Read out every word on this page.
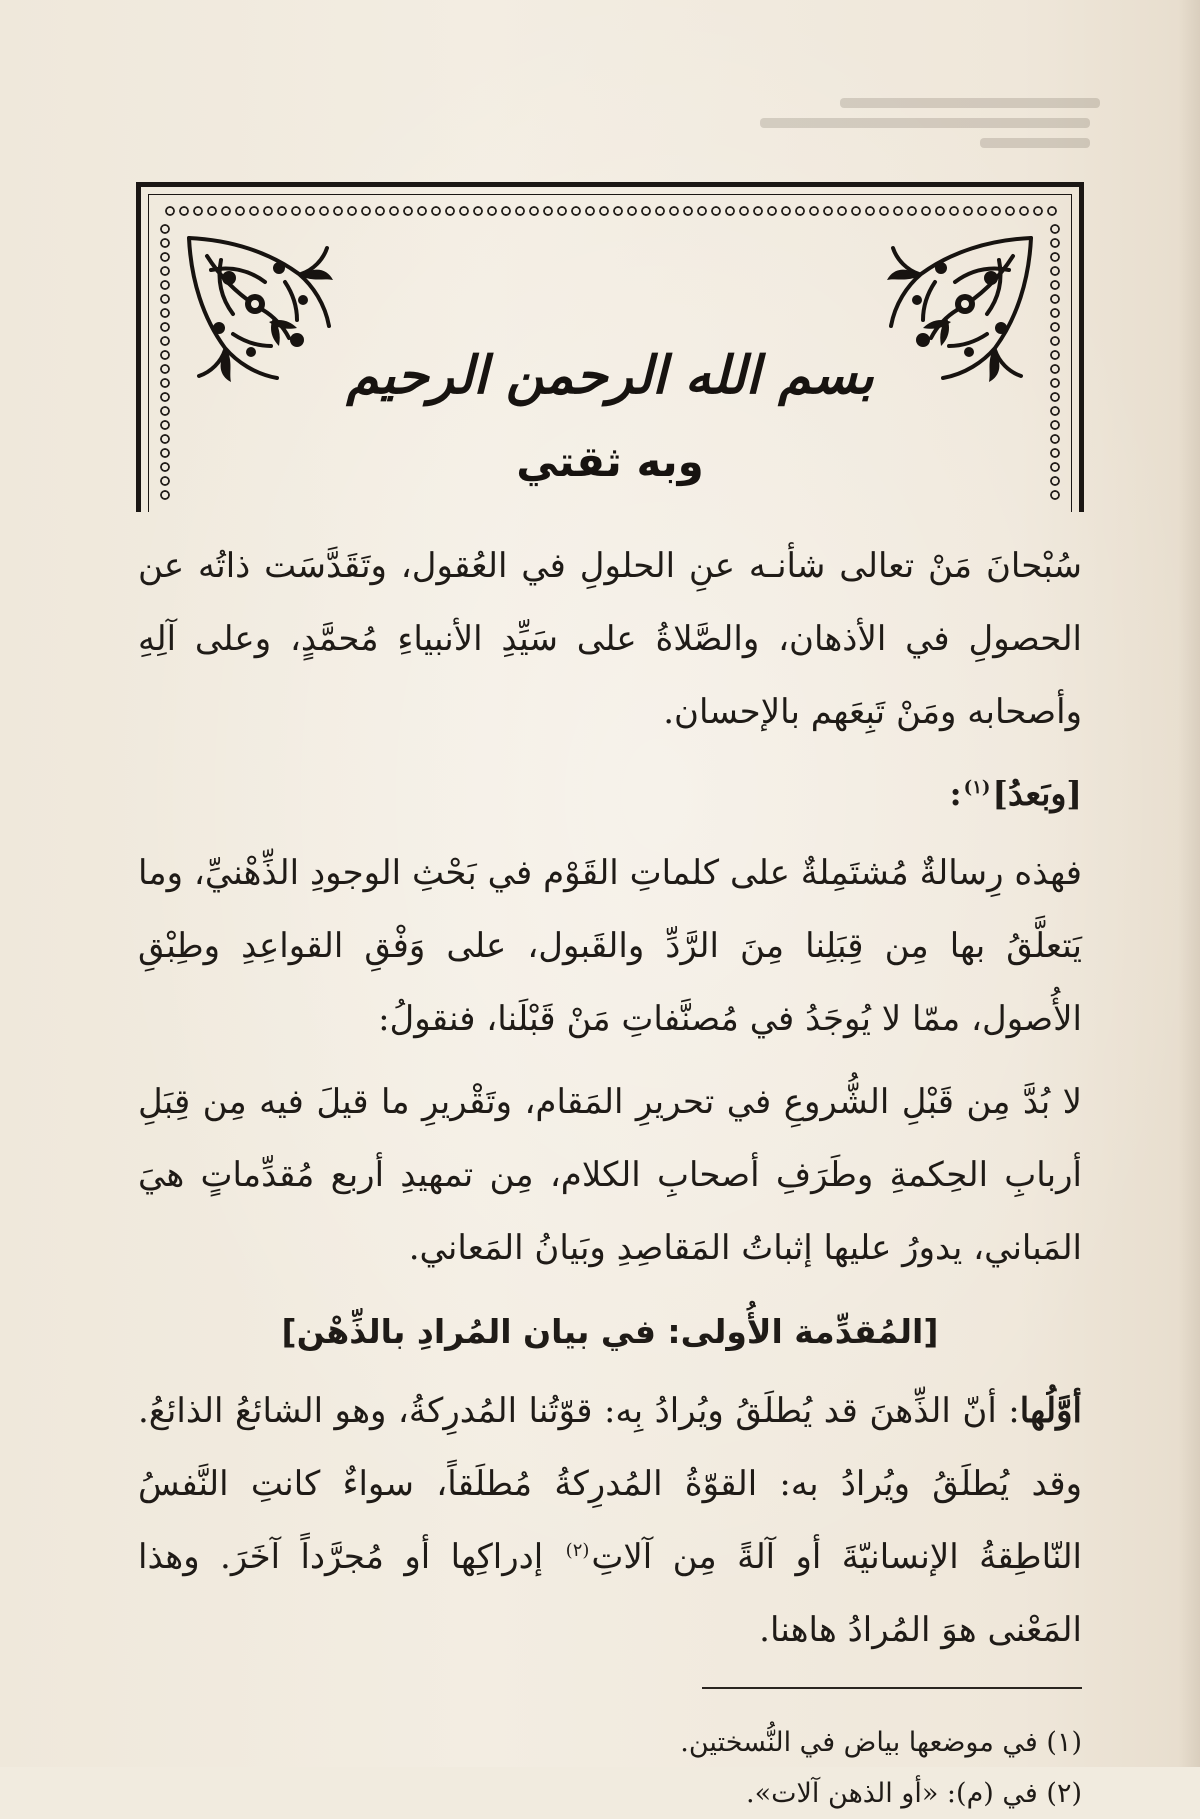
بسم الله الرحمن الرحيم
وبه ثقتي

سُبْحانَ مَنْ تعالى شأنـه عنِ الحلولِ في العُقول، وتَقَدَّسَت ذاتُه عن الحصولِ في الأذهان، والصَّلاةُ على سَيِّدِ الأنبياءِ مُحمَّدٍ، وعلى آلِهِ وأصحابه ومَنْ تَبِعَهم بالإحسان.

[وبَعدُ]$^{(١)}$:

فهذه رِسالةٌ مُشتَمِلةٌ على كلماتِ القَوْم في بَحْثِ الوجودِ الذِّهْنيِّ، وما يَتعلَّقُ بها مِن قِبَلِنا مِنَ الرَّدِّ والقَبول، على وَفْقِ القواعِدِ وطِبْقِ الأُصول، ممّا لا يُوجَدُ في مُصنَّفاتِ مَنْ قَبْلَنا، فنقولُ:

لا بُدَّ مِن قَبْلِ الشُّروعِ في تحريرِ المَقام، وتَقْريرِ ما قيلَ فيه مِن قِبَلِ أربابِ الحِكمةِ وطَرَفِ أصحابِ الكلام، مِن تمهيدِ أربع مُقدِّماتٍ هيَ المَباني، يدورُ عليها إثباتُ المَقاصِدِ وبَيانُ المَعاني.

[المُقدِّمة الأُولى: في بيان المُرادِ بالذِّهْن]

أوَّلُها: أنّ الذِّهنَ قد يُطلَقُ ويُرادُ بِه: قوّتُنا المُدرِكةُ، وهو الشائعُ الذائعُ. وقد يُطلَقُ ويُرادُ به: القوّةُ المُدرِكةُ مُطلَقاً، سواءٌ كانتِ النَّفسُ النّاطِقةُ الإنسانيّةَ أو آلةً مِن آلاتِ$^{(٢)}$ إدراكِها أو مُجرَّداً آخَرَ. وهذا المَعْنى هوَ المُرادُ هاهنا.

(١) في موضعها بياض في النُّسختين.

(٢) في (م): «أو الذهن آلات».
